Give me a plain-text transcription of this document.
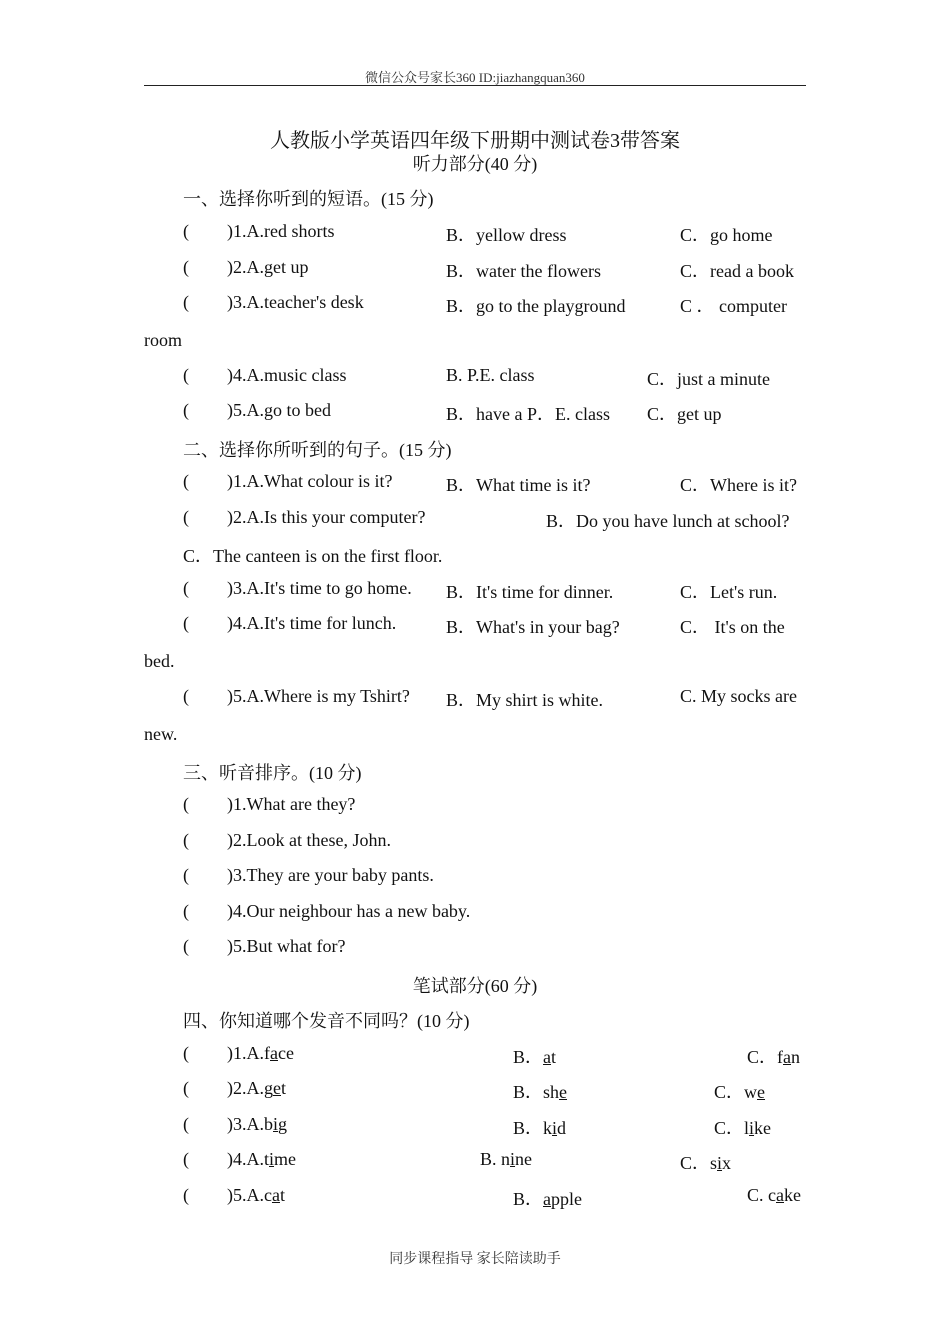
微信公众号家长360 ID:jiazhangquan360
人教版小学英语四年级下册期中测试卷3带答案
听力部分(40 分)
一、选择你听到的短语。(15 分)
( )1.A.red shorts	B．yellow dress	C．go home
( )2.A.get up	B．water the flowers	C．read a book
( )3.A.teacher's desk	B．go to the playground	C ． computer
room
( )4.A.music class	B. P.E. class	C．just a minute
( )5.A.go to bed	B．have a P．E. class C．get up
二、选择你所听到的句子。(15 分)
( )1.A.What colour is it?	B．What time is it?	C．Where is it?
( )2.A.Is this your computer?	B．Do you have lunch at school?
C．The canteen is on the first floor.
( )3.A.It's time to go home. B．It's time for dinner.	C．Let's run.
( )4.A.It's time for lunch.	B．What's in your bag?	C． It's on the
bed.
( )5.A.Where is my Tshirt? B．My shirt is white.	C. My socks are
new.
三、听音排序。(10 分)
( )1.What are they?
( )2.Look at these, John.
( )3.They are your baby pants.
( )4.Our neighbour has a new baby.
( )5.But what for?
笔试部分(60 分)
四、你知道哪个发音不同吗？(10 分)
( )1.A.face	B．at	C．fan
( )2.A.get	B．she	C．we
( )3.A.big	B．kid	C．like
( )4.A.time	B. nine	C．six
( )5.A.cat	B．apple	C. cake
同步课程指导 家长陪读助手
